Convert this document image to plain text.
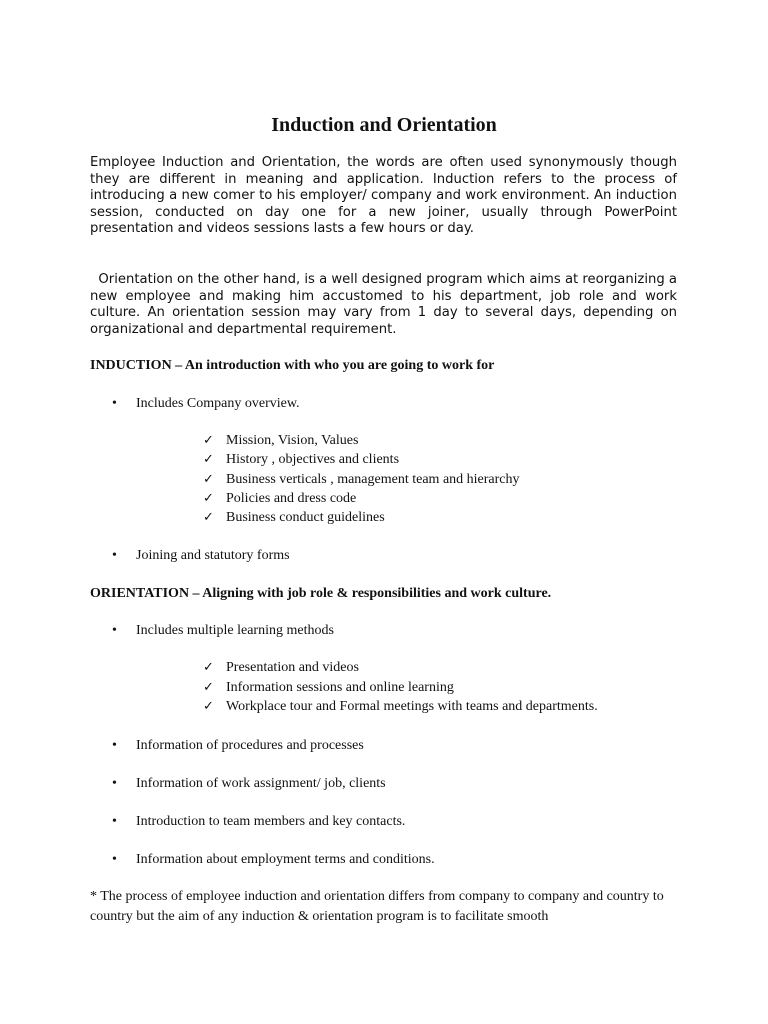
Induction and Orientation

Employee Induction and Orientation, the words are often used synonymously though they are different in meaning and application. Induction refers to the process of introducing a new comer to his employer/ company and work environment. An induction session, conducted on day one for a new joiner, usually through PowerPoint presentation and videos sessions lasts a few hours or day.

Orientation on the other hand, is a well designed program which aims at reorganizing a new employee and making him accustomed to his department, job role and work culture. An orientation session may vary from 1 day to several days, depending on organizational and departmental requirement.

INDUCTION – An introduction with who you are going to work for

•	Includes Company overview.
✓ Mission, Vision, Values
✓ History , objectives and clients
✓ Business verticals , management team and hierarchy
✓ Policies and dress code
✓ Business conduct guidelines
•	Joining and statutory forms

ORIENTATION – Aligning with job role & responsibilities and work culture.

•	Includes multiple learning methods
✓ Presentation and videos
✓ Information sessions and online learning
✓ Workplace tour and Formal meetings with teams and departments.
•	Information of procedures and processes
•	Information of work assignment/ job, clients
•	Introduction to team members and key contacts.
•	Information about employment terms and conditions.

* The process of employee induction and orientation differs from company to company and country to country but the aim of any induction & orientation program is to facilitate smooth
